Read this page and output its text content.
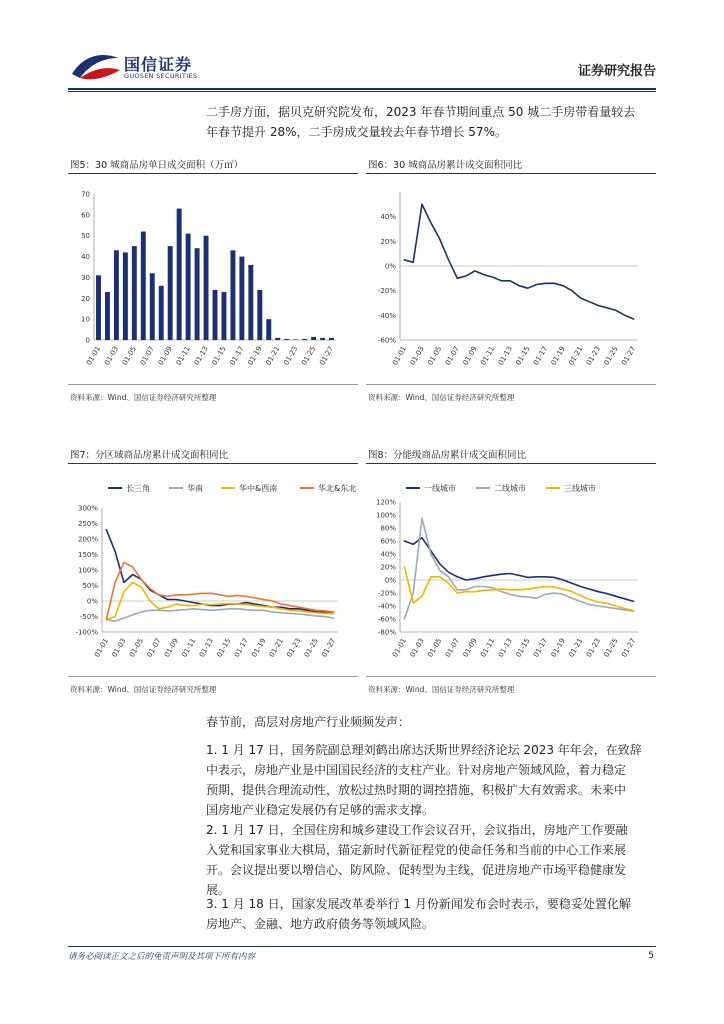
国信证券
GUOSEN SECURITIES	证券研究报告
二手房方面，据贝克研究院发布，2023 年春节期间重点 50 城二手房带看量较去
年春节提升 28%，二手房成交量较去年春节增长 57%。
图5：30 城商品房单日成交面积（万㎡）
0
10
20
30
40
50
60
70
01-01 01-03 01-05 01-07 01-09 01-11 01-13 01-15 01-17 01-19 01-21 01-23 01-25 01-27
资料来源：Wind、国信证券经济研究所整理
图6：30 城商品房累计成交面积同比
40%
20%
0%
-20%
-40%
-60%
01-01 01-03 01-05 01-07 01-09 01-11 01-13 01-15 01-17 01-19 01-21 01-23 01-25 01-27
资料来源：Wind、国信证券经济研究所整理
图7：分区域商品房累计成交面积同比
长三角	华南	华中&西南	华北&东北
300%
250%
200%
150%
100%
50%
0%
-50%
-100%
01-01 01-03 01-05 01-07 01-09 01-11 01-13 01-15 01-17 01-19 01-21 01-23 01-25 01-27
资料来源：Wind、国信证券经济研究所整理
图8：分能级商品房累计成交面积同比
一线城市	二线城市	三线城市
120%
100%
80%
60%
40%
20%
0%
-20%
-40%
-60%
-80%
01-01 01-03 01-05 01-07 01-09 01-11 01-13 01-15 01-17 01-19 01-21 01-23 01-25 01-27
资料来源：Wind、国信证券经济研究所整理
春节前，高层对房地产行业频频发声：
1. 1 月 17 日，国务院副总理刘鹤出席达沃斯世界经济论坛 2023 年年会，在致辞
中表示，房地产业是中国国民经济的支柱产业。针对房地产领域风险，着力稳定
预期，提供合理流动性，放松过热时期的调控措施，积极扩大有效需求。未来中
国房地产业稳定发展仍有足够的需求支撑。
2. 1 月 17 日，全国住房和城乡建设工作会议召开，会议指出，房地产工作要融
入党和国家事业大棋局，锚定新时代新征程党的使命任务和当前的中心工作来展
开。会议提出要以增信心、防风险、促转型为主线，促进房地产市场平稳健康发
展。
3. 1 月 18 日，国家发展改革委举行 1 月份新闻发布会时表示，要稳妥处置化解
房地产、金融、地方政府债务等领域风险。
请务必阅读正文之后的免责声明及其项下所有内容	5
